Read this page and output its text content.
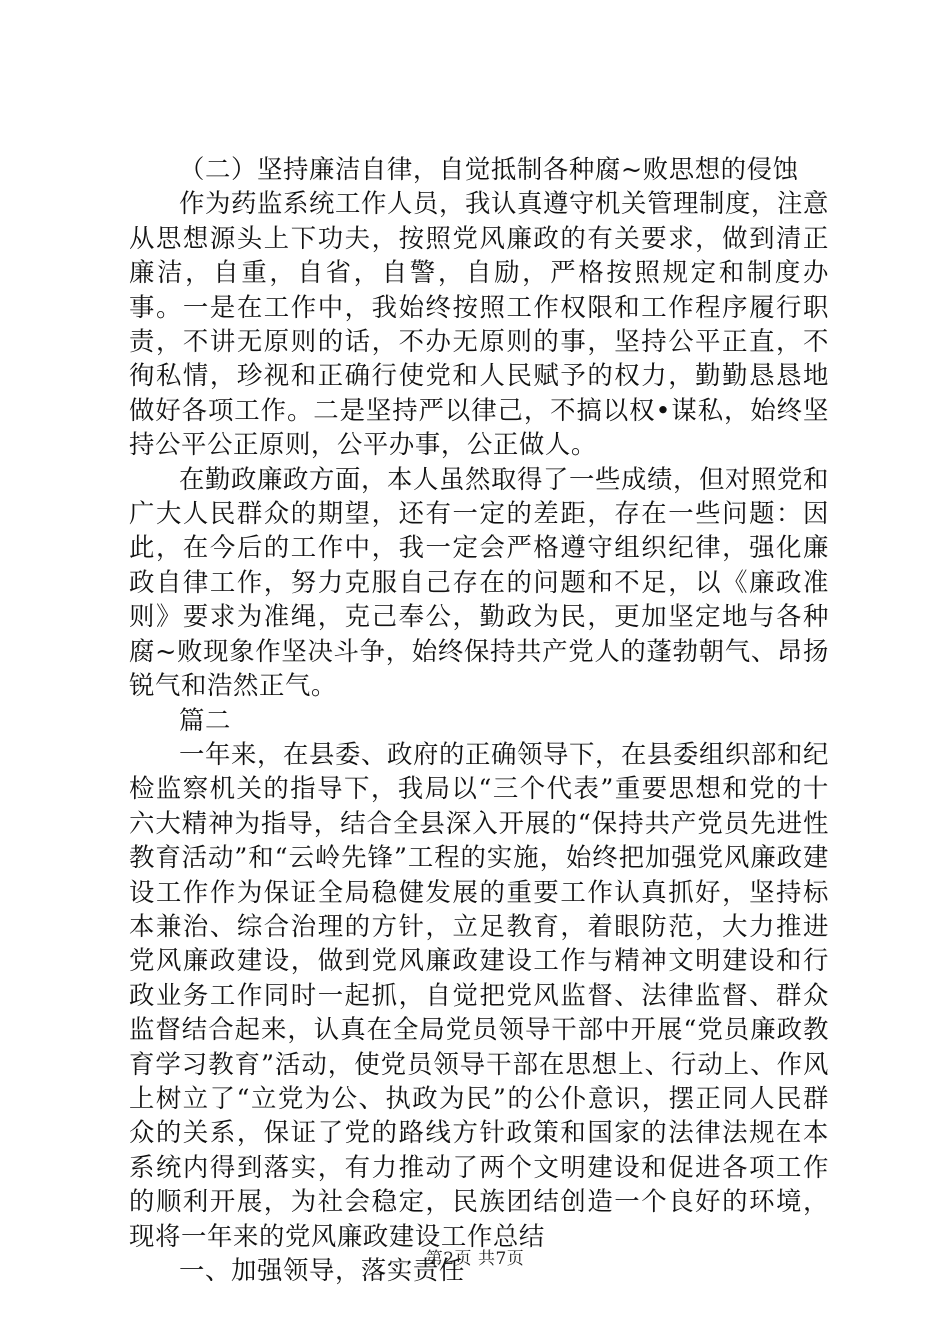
（二）坚持廉洁自律，自觉抵制各种腐~败思想的侵蚀

作为药监系统工作人员，我认真遵守机关管理制度，注意从思想源头上下功夫，按照党风廉政的有关要求，做到清正廉洁，自重，自省，自警，自励，严格按照规定和制度办事。一是在工作中，我始终按照工作权限和工作程序履行职责，不讲无原则的话，不办无原则的事，坚持公平正直，不徇私情，珍视和正确行使党和人民赋予的权力，勤勤恳恳地做好各项工作。二是坚持严以律己，不搞以权•谋私，始终坚持公平公正原则，公平办事，公正做人。

在勤政廉政方面，本人虽然取得了一些成绩，但对照党和广大人民群众的期望，还有一定的差距，存在一些问题：因此，在今后的工作中，我一定会严格遵守组织纪律，强化廉政自律工作，努力克服自己存在的问题和不足，以《廉政准则》要求为准绳，克己奉公，勤政为民，更加坚定地与各种腐~败现象作坚决斗争，始终保持共产党人的蓬勃朝气、昂扬锐气和浩然正气。

篇二

一年来，在县委、政府的正确领导下，在县委组织部和纪检监察机关的指导下，我局以“三个代表”重要思想和党的十六大精神为指导，结合全县深入开展的“保持共产党员先进性教育活动”和“云岭先锋”工程的实施，始终把加强党风廉政建设工作作为保证全局稳健发展的重要工作认真抓好，坚持标本兼治、综合治理的方针，立足教育，着眼防范，大力推进党风廉政建设，做到党风廉政建设工作与精神文明建设和行政业务工作同时一起抓，自觉把党风监督、法律监督、群众监督结合起来，认真在全局党员领导干部中开展“党员廉政教育学习教育”活动，使党员领导干部在思想上、行动上、作风上树立了“立党为公、执政为民”的公仆意识，摆正同人民群众的关系，保证了党的路线方针政策和国家的法律法规在本系统内得到落实，有力推动了两个文明建设和促进各项工作的顺利开展，为社会稳定，民族团结创造一个良好的环境，现将一年来的党风廉政建设工作总结

一、加强领导，落实责任

第2页 共7页
